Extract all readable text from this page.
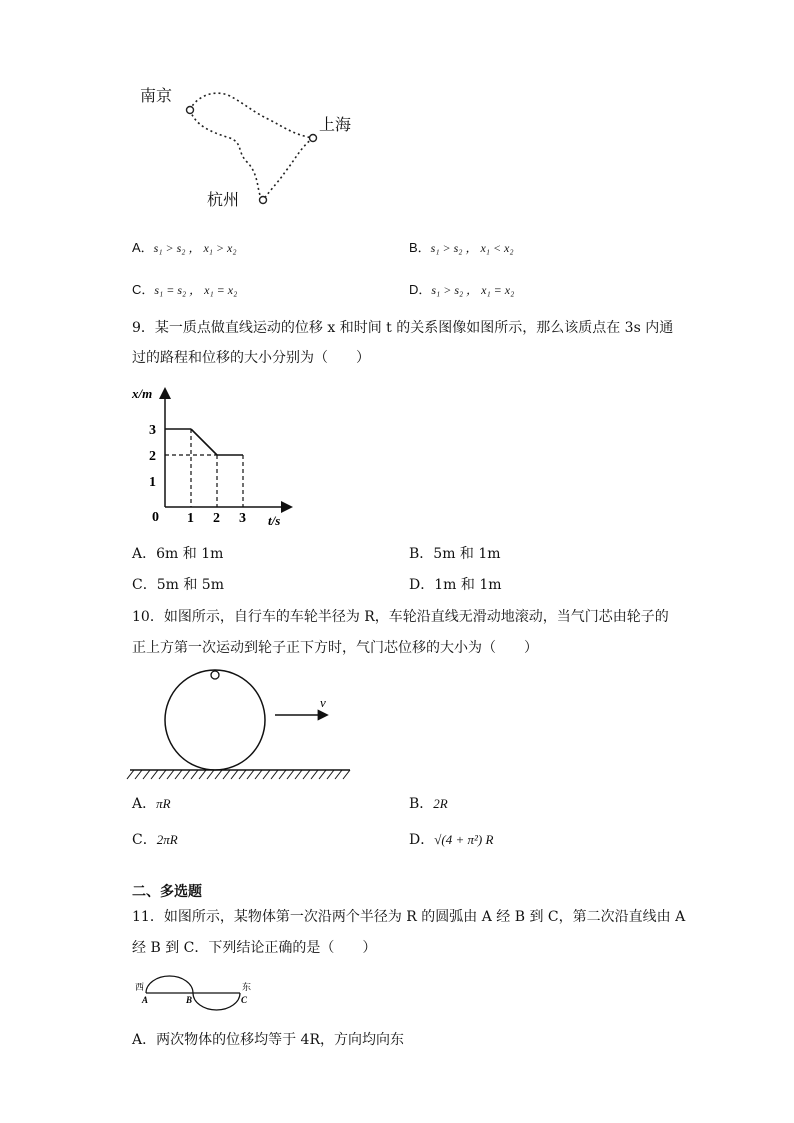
南京
上海
杭州
A．s₁ > s₂ ， x₁ > x₂	B．s₁ > s₂ ， x₁ < x₂
C．s₁ = s₂ ， x₁ = x₂	D．s₁ > s₂ ， x₁ = x₂
9．某一质点做直线运动的位移 x 和时间 t 的关系图像如图所示，那么该质点在 3s 内通
过的路程和位移的大小分别为（　　）
x/m
t/s
0 1 2 3
1
2
3
A．6m 和 1m	B．5m 和 1m
C．5m 和 5m	D．1m 和 1m
10．如图所示，自行车的车轮半径为 R，车轮沿直线无滑动地滚动，当气门芯由轮子的
正上方第一次运动到轮子正下方时，气门芯位移的大小为（　　）
v
A．πR	B．2R
C．2πR	D．√(4 + π²) R
二、多选题
11．如图所示，某物体第一次沿两个半径为 R 的圆弧由 A 经 B 到 C，第二次沿直线由 A
经 B 到 C．下列结论正确的是（　　）
西	东
A	B	C
A．两次物体的位移均等于 4R，方向均向东
